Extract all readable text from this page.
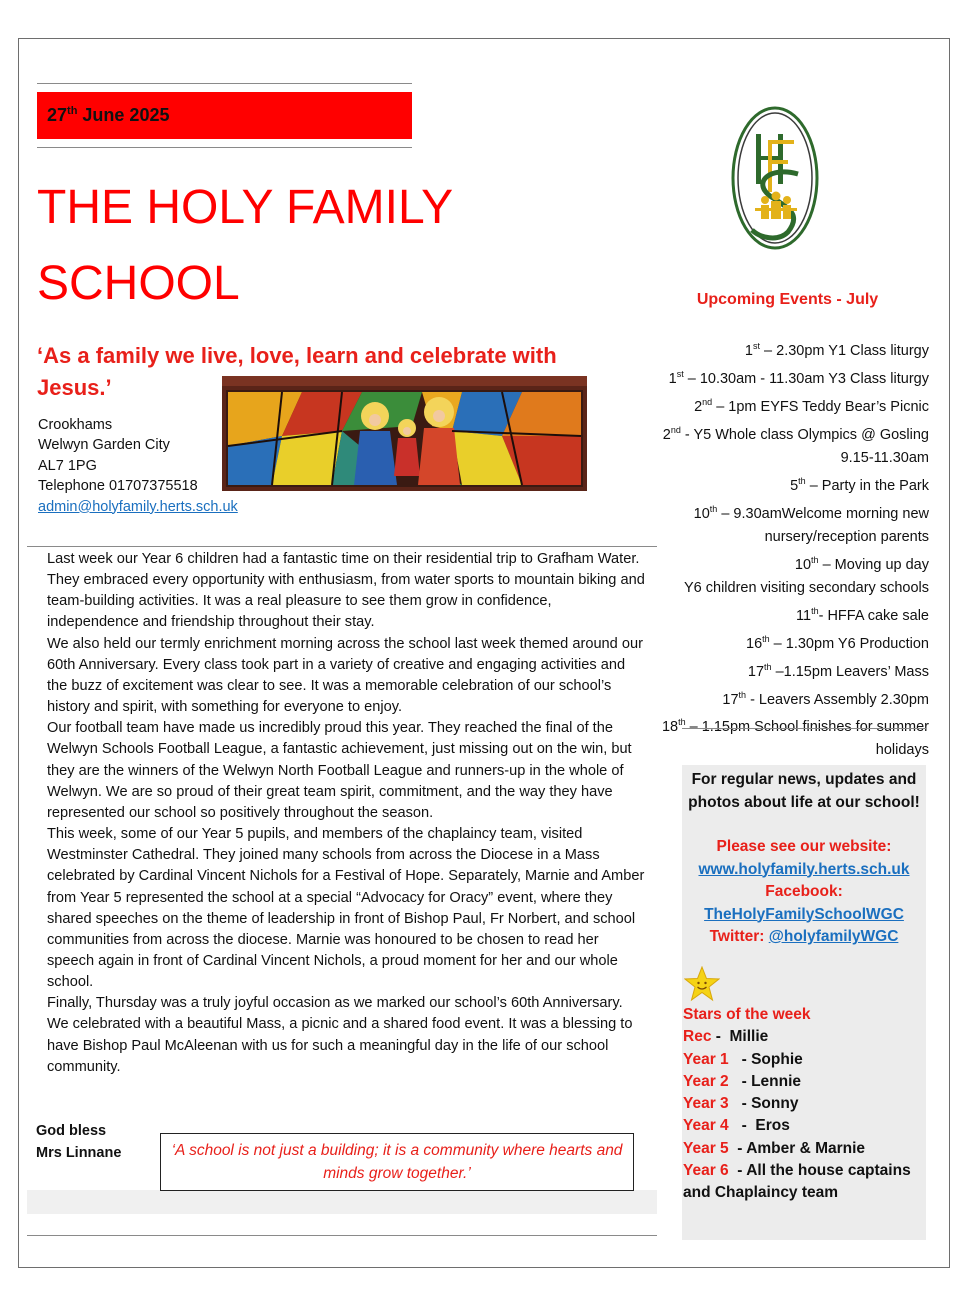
27th June 2025
THE HOLY FAMILY SCHOOL
‘As a family we live, love, learn and celebrate with Jesus.’
Crookhams
Welwyn Garden City
AL7 1PG
Telephone 01707375518
admin@holyfamily.herts.sch.uk

Last week our Year 6 children had a fantastic time on their residential trip to Grafham Water. They embraced every opportunity with enthusiasm, from water sports to mountain biking and team-building activities. It was a real pleasure to see them grow in confidence, independence and friendship throughout their stay.

We also held our termly enrichment morning across the school last week themed around our 60th Anniversary. Every class took part in a variety of creative and engaging activities and the buzz of excitement was clear to see. It was a memorable celebration of our school’s history and spirit, with something for everyone to enjoy.

Our football team have made us incredibly proud this year. They reached the final of the Welwyn Schools Football League, a fantastic achievement, just missing out on the win, but they are the winners of the Welwyn North Football League and runners-up in the whole of Welwyn. We are so proud of their great team spirit, commitment, and the way they have represented our school so positively throughout the season.

This week, some of our Year 5 pupils, and members of the chaplaincy team, visited Westminster Cathedral. They joined many schools from across the Diocese in a Mass celebrated by Cardinal Vincent Nichols for a Festival of Hope. Separately, Marnie and Amber from Year 5 represented the school at a special “Advocacy for Oracy” event, where they shared speeches on the theme of leadership in front of Bishop Paul, Fr Norbert, and school communities from across the diocese. Marnie was honoured to be chosen to read her speech again in front of Cardinal Vincent Nichols, a proud moment for her and our whole school.

Finally, Thursday was a truly joyful occasion as we marked our school’s 60th Anniversary. We celebrated with a beautiful Mass, a picnic and a shared food event. It was a blessing to have Bishop Paul McAleenan with us for such a meaningful day in the life of our school community.

God bless
Mrs Linnane	‘A school is not just a building; it is a community where hearts and minds grow together.’
Upcoming Events - July
1st – 2.30pm Y1 Class liturgy
1st – 10.30am - 11.30am Y3 Class liturgy
2nd – 1pm EYFS Teddy Bear’s Picnic
2nd - Y5 Whole class Olympics @ Gosling 9.15-11.30am
5th – Party in the Park
10th – 9.30amWelcome morning new nursery/reception parents
10th – Moving up day
Y6 children visiting secondary schools
11th- HFFA cake sale
16th – 1.30pm Y6 Production
17th –1.15pm Leavers’ Mass
17th - Leavers Assembly 2.30pm
18th – 1.15pm School finishes for summer holidays
For regular news, updates and photos about life at our school!
Please see our website:
www.holyfamily.herts.sch.uk
Facebook:
TheHolyFamilySchoolWGC
Twitter: @holyfamilyWGC
Stars of the week
Rec -  Millie
Year 1   - Sophie
Year 2   - Lennie
Year 3   - Sonny
Year 4   -  Eros
Year 5  - Amber & Marnie
Year 6  - All the house captains and Chaplaincy team
